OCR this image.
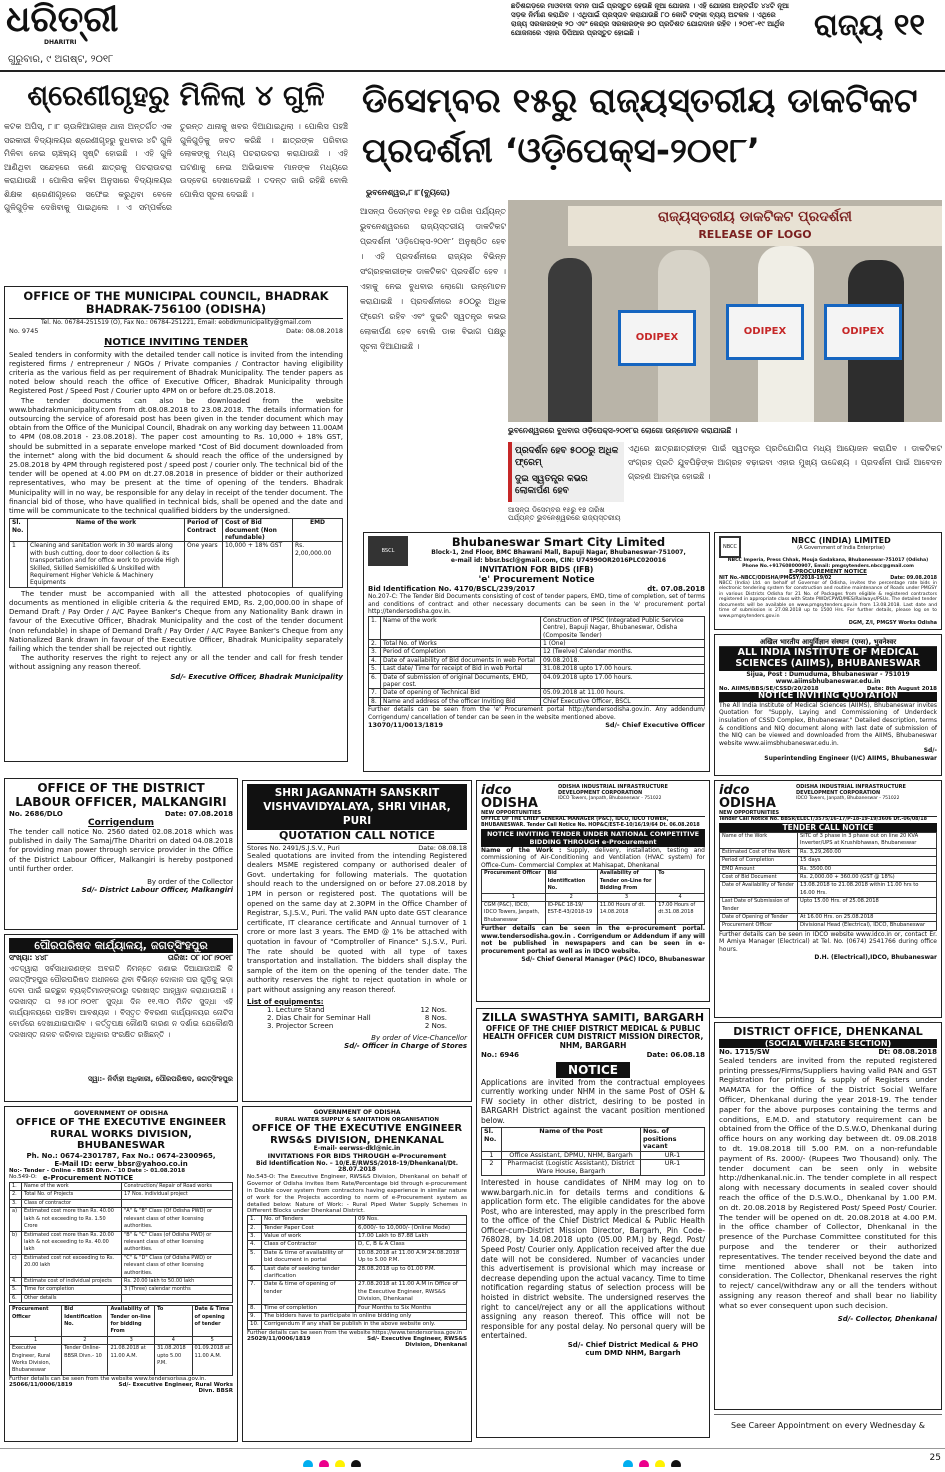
ଧରିତ୍ରୀ
DHARITRI
ଗୁରୁବାର, ୯ ଅଗଷ୍ଟ, ୨୦୧୮
ଛତିଶଗଡ଼ରେ ମାଓବାଦୀ ଦମନ ପାଇଁ ପ୍ରସ୍ତୁତ ହେଉଛି ନୂଆ ଯୋଜନା । ଏହି ଯୋଜନା ଅନ୍ତର୍ଗତ ୪୪ଟି ନୂଆ ସଡ଼କ ନିର୍ମାଣ କରାଯିବ । ଏଥିପାଇଁ ପ୍ରସ୍ତାବ କରାଯାଉଛି ୮୦ କୋଟି ଟଙ୍କା ବ୍ୟୟ ଅଟକଳ । ଏଥିରେ ରାଜ୍ୟ ସରକାରଙ୍କ ୨୦ ଏବଂ କେନ୍ଦ୍ର ସରକାରଙ୍କ ୭୦ ପ୍ରତିଶତ ଯୋଗଦାନ ରହିବ । ୨୦୧୮-୧୯ ଆର୍ଥିକ ଯୋଜନାରେ ଏହାର ଡିପିଆର ପ୍ରସ୍ତୁତ ହୋଇଛି ।	ରାଜ୍ୟ ୧୧
ଶ୍ରେଣୀଗୃହରୁ ମିଳିଲା ୪ ଗୁଳି
କଟକ ଅପିସ୍, ୮।୮ ଚାଉଳିଆଗଞ୍ଜ ଥାନା ଅନ୍ତର୍ଗତ ଏକ ସରକାରୀ ବିଦ୍ୟାଳୟର ଶ୍ରେଣୀଗୃହରୁ ବୁଧବାର ୪ଟି ଗୁଳି ମିଳିବା ନେଇ ଚାଞ୍ଚଲ୍ୟ ସୃଷ୍ଟି ହୋଇଛି । ଏହି ଗୁଳି ଆଣିଥିବା ସନ୍ଦେହରେ ଜଣେ ଛାତ୍ରକୁ ପଚରାଉଚରା କରାଯାଉଛି । ପୋଲିସ କହିବା ଅନୁସାରେ ବିଦ୍ୟାଳୟର ଶିକ୍ଷକ ଶ୍ରେଣୀଗୃହରେ ସଫେଇ କରୁଥିବା ବେଳେ ଗୁଳିଗୁଡ଼ିକ ଦେଖିବାକୁ ପାଇଥିଲେ । ଏ ସମ୍ପର୍କରେ ତୁରନ୍ତ ଥାନାକୁ ଖବର ଦିଆଯାଇଥିଲା । ପୋଲିସ ପହଞ୍ଚି ଗୁଳିଗୁଡ଼ିକୁ ଜବତ କରିଛି । ଛାତ୍ରଙ୍କ ପରିବାର ଲୋକଙ୍କୁ ମଧ୍ୟ ପଚରାଉଚରା କରାଯାଉଛି । ଏହି ଘଟଣାକୁ ନେଇ ଅଭିଭାବକ ମାନଙ୍କ ମଧ୍ୟରେ ଉଦ୍‌ବେଗ ଦେଖାଦେଇଛି । ତଦନ୍ତ ଜାରି ରହିଛି ବୋଲି ପୋଲିସ ସୂଚନା ଦେଇଛି ।
ଡିସେମ୍ବର ୧୫ରୁ ରାଜ୍ୟସ୍ତରୀୟ ଡାକଟିକଟ ପ୍ରଦର୍ଶନୀ ‘ଓଡ଼ିପେକ୍ସ-୨୦୧୮’
ଭୁବନେଶ୍ୱର,୮।୮(ବ୍ୟୁରୋ)
ଆସନ୍ତା ଡିସେମ୍ବର ୧୫ରୁ ୧୭ ତାରିଖ ପର୍ଯ୍ୟନ୍ତ ଭୁବନେଶ୍ୱରରେ ରାଜ୍ୟସ୍ତରୀୟ ଡାକଟିକଟ ପ୍ରଦର୍ଶନୀ ‘ଓଡ଼ିପେକ୍ସ-୨୦୧୮’ ଅନୁଷ୍ଠିତ ହେବ । ଏହି ପ୍ରଦର୍ଶନୀରେ ରାଜ୍ୟର ବିଭିନ୍ନ ସଂଗ୍ରହକାରୀଙ୍କ ଡାକଟିକଟ ପ୍ରଦର୍ଶିତ ହେବ । ଏହାକୁ ନେଇ ବୁଧବାର ଲୋଗୋ ଉନ୍ମୋଚନ କରାଯାଇଛି । ପ୍ରଦର୍ଶନୀରେ ୫୦୦ରୁ ଅଧିକ ଫ୍ରେମ ରହିବ ଏବଂ ଦୁଇଟି ସ୍ୱତନ୍ତ୍ର କଭର ଲୋକାର୍ପଣ ହେବ ବୋଲି ଡାକ ବିଭାଗ ପକ୍ଷରୁ ସୂଚନା ଦିଆଯାଇଛି ।
ରାଜ୍ୟସ୍ତରୀୟ ଡାକଟିକଟ ପ୍ରଦର୍ଶନୀ
RELEASE OF LOGO
ODIPEX
ODIPEX	ODIPEX
ଭୁବନେଶ୍ୱରରେ ବୁଧବାର ଓଡ଼ିପେକ୍ସ-୨୦୧୮ର ଲୋଗୋ ଉନ୍ମୋଚନ କରାଯାଇଛି ।
ପ୍ରଦର୍ଶନ ହେବ ୫୦୦ରୁ ଅଧିକ ଫ୍ରେମ୍
ଦୁଇ ସ୍ୱତନ୍ତ୍ର କଭର ଲୋକାର୍ପଣ ହେବ
ଏଥିରେ ଛାତ୍ରଛାତ୍ରୀଙ୍କ ପାଇଁ ସ୍ୱତନ୍ତ୍ର ପ୍ରତିଯୋଗିତା ମଧ୍ୟ ଆୟୋଜନ କରାଯିବ । ଡାକଟିକଟ ସଂଗ୍ରହ ପ୍ରତି ଯୁବପିଢ଼ିଙ୍କ ଆଗ୍ରହ ବଢ଼ାଇବା ଏହାର ମୁଖ୍ୟ ଉଦ୍ଦେଶ୍ୟ । ପ୍ରଦର୍ଶନୀ ପାଇଁ ଆବେଦନ ଗ୍ରହଣ ଆରମ୍ଭ ହୋଇଛି ।
ଆସନ୍ତା ଡିସେମ୍ବର ୧୫ରୁ ୧୭ ତାରିଖ ପର୍ଯ୍ୟନ୍ତ ଭୁବନେଶ୍ୱରରେ ରାଜ୍ୟସ୍ତରୀୟ
OFFICE OF THE MUNICIPAL COUNCIL, BHADRAK BHADRAK-756100 (ODISHA)
Tel. No. 06784-251519 (O), Fax No.: 06784-251221, Email: eobdkmunicipality@gmail.com
No. 9745	Date: 08.08.2018
NOTICE INVITING TENDER
Sealed tenders in conformity with the detailed tender call notice is invited from the intending registered firms / entrepreneur / NGOs / Private companies / Contractor having eligibility criteria as the various field as per requirement of Bhadrak Municipality. The tender papers as noted below should reach the office of Executive Officer, Bhadrak Municipality through Registered Post / Speed Post / Courier upto 4PM on or before dt.25.08.2018.
The tender documents can also be downloaded from the website www.bhadrakmunicipality.com from dt.08.08.2018 to 23.08.2018. The details information for outsourcing the service of aforesaid post has been given in the tender document which may obtain from the Office of the Municipal Council, Bhadrak on any working day between 11.00AM to 4PM (08.08.2018 - 23.08.2018). The paper cost amounting to Rs. 10,000 + 18% GST, should be submitted in a separate envelope marked "Cost of Bid document downloaded from the internet" along with the bid document & should reach the office of the undersigned by 25.08.2018 by 4PM through registered post / speed post / courier only. The technical bid of the tender will be opened at 4.00 PM on dt.27.08.2018 in presence of bidder or their authorized representatives, who may be present at the time of opening of the tenders. Bhadrak Municipality will in no way, be responsible for any delay in receipt of the tender document. The financial bid of those, who have qualified in technical bids, shall be opened and the date and time will be communicate to the technical qualified bidders by the undersigned.
Sl. No.	Name of the work	Period of Contract	Cost of Bid document (Non refundable)	EMD
1	Cleaning and sanitation work in 30 wards along with bush cutting, door to door collection & its transportation and for office work to provide High Skilled, Skilled Semiskilled & Unskilled with Requirement Higher Vehicle & Machinery Equipments	One years	10,000 + 18% GST	Rs. 2,00,000.00
The tender must be accompanied with all the attested photocopies of qualifying documents as mentioned in eligible criteria & the required EMD, Rs. 2,00,000.00 in shape of Demand Draft / Pay Order / A/C Payee Banker's Cheque from any Nationality Bank drawn in favour of the Executive Officer, Bhadrak Municipality and the cost of the tender document (non refundable) in shape of Demand Draft / Pay Order / A/C Payee Banker's Cheque from any Nationalized Bank drawn in favour of the Executive Officer, Bhadrak Municipality separately failing which the tender shall be rejected out rightly.
The authority reserves the right to reject any or all the tender and call for fresh tender without assigning any reason thereof.
Sd/- Executive Officer, Bhadrak Municipality
BSCL
Bhubaneswar Smart City Limited
Block-1, 2nd Floor, BMC Bhawani Mall, Bapuji Nagar, Bhubaneswar-751007,
e-mail id: bbsr.bscl@gmail.com, CIN: U74990OR2016PLC020016
INVITATION FOR BIDS (IFB)
'e' Procurement Notice
Bid Identification No. 4170/BSCL/239/2017	dt. 07.08.2018
No.207-C: The Tender Bid Documents consisting of cost of tender papers, EMD, time of completion, set of terms and conditions of contract and other necessary documents can be seen in the 'e' procurement portal http://tendersodisha.gov.in.
1.	Name of the work	Construction of IPSC (Integrated Public Service Centre), Bapuji Nagar, Bhubaneswar, Odisha (Composite Tender)
2.	Total No. of Works	1 (One)
3.	Period of Completion	12 (Twelve) Calendar months.
4.	Date of availability of Bid documents in web Portal	09.08.2018.
5.	Last date/ Time for receipt of Bid in web Portal	31.08.2018 upto 17.00 hours.
6.	Date of submission of original Documents, EMD, paper cost.	04.09.2018 upto 17.00 hours.
7.	Date of opening of Technical Bid	05.09.2018 at 11.00 hours.
8.	Name and address of the officer Inviting Bid	Chief Executive Officer, BSCL
Further details can be seen from the 'e' Procurement portal http://tendersodisha.gov.in. Any addendum/ Corrigendum/ cancellation of tender can be seen in the website mentioned above.
13070/11/0013/1819	Sd/- Chief Executive Officer
NBCC
NBCC (INDIA) LIMITED
(A Government of India Enterprise)
NBCC Imperia, Press Chhak, Mouja Gadakana, Bhubaneswar-751017 (Odisha) Phone No.+917608000907, Email: pmgsytenders.nbcc@gmail.com
E-PROCUREMENT NOTICE
NIT No.-NBCC/ODISHA/PMGSY/2018-19/02	Date: 09.08.2018
NBCC (India) Ltd. on behalf of Governor of Odisha, invites the percentage rate bids in electronic tendering system for construction and routine maintenance of Roads under PMGSY in various Districts Odisha for 21 No. of Packages from eligible & registered contractors registered in appropriate class with State PWD/CPWD/MES/Railways/PSUs. The detailed tender documents will be available on www.pmgsytenders.gov.in from 13.08.2018. Last date and time of submission is 27.08.2018 up to 1500 Hrs. For further details, please log on to www.pmgsytenders.gov.in
DGM, Z/I, PMGSY Works Odisha
अखिल भारतीय आयुर्विज्ञान संस्थान (एम्स), भुवनेश्वर
ALL INDIA INSTITUTE OF MEDICAL SCIENCES (AIIMS), BHUBANESWAR
Sijua, Post : Dumuduma, Bhubaneswar - 751019
www.aiimsbhubaneswar.edu.in
No. AIIMS/BBS/SE/CSSD/20/2018	Date: 8th August 2018
NOTICE INVITING QUOTATION
The All India Institute of Medical Sciences (AIIMS), Bhubaneswar invites Quotation for "Supply, Laying and Commissioning of Underdeck insulation of CSSD Complex, Bhubaneswar." Detailed description, terms & conditions and NIQ document along with last date of submission of the NIQ can be viewed and downloaded from the AIIMS, Bhubaneswar website www.aiimsbhubaneswar.edu.in.
Sd/-
Superintending Engineer (I/C) AIIMS, Bhubaneswar
OFFICE OF THE DISTRICT LABOUR OFFICER, MALKANGIRI
No. 2686/DLO	Date: 07.08.2018
Corrigendum
The tender call notice No. 2560 dated 02.08.2018 which was published in daily The Samaj/The Dharitri on dated 04.08.2018 for providing man power through service provider in the Office of the District Labour Officer, Malkangiri is hereby postponed until further order.
By order of the Collector
Sd/- District Labour Officer, Malkangiri
SHRI JAGANNATH SANSKRIT VISHVAVIDYALAYA, SHRI VIHAR, PURI
QUOTATION CALL NOTICE
Stores No. 2491/S.J.S.V., Puri	Date: 08.08.18
Sealed quotations are invited from the intending Registered dealers MSME registered company or authorised dealer of Govt. undertaking for following materials. The quotation should reach to the undersigned on or before 27.08.2018 by 1PM in person or registered post. The quotations will be opened on the same day at 2.30PM in the Office Chamber of Registrar, S.J.S.V., Puri. The valid PAN upto date GST clearance certificate, IT clearance certificate and Annual turnover of 1 crore or more last 3 years. The EMD @ 1% be attached with quotation in favour of "Comptroller of Finance" S.J.S.V., Puri. The rate should be quoted with all type of taxes transportation and installation. The bidders shall display the sample of the item on the opening of the tender date. The authority reserves the right to reject quotation in whole or part without assigning any reason thereof.
List of equipments:
1. Lecture Stand	12 Nos.
2. Dias Chair for Seminar Hall	8 Nos.
3. Projector Screen	2 Nos.
By order of Vice-Chancellor
Sd/- Officer in Charge of Stores
ପୌରପରିଷଦ କାର୍ଯ୍ୟାଳୟ, ଜଗତ୍‌ସିଂହପୁର
ସଂଖ୍ୟା: ୪୪୮	ତାରିଖ: ୦୮।୦୮।୨୦୧୮
ଏତଦ୍ୱାରା ସର୍ବସାଧାରଣଙ୍କ ଅବଗତି ନିମନ୍ତେ ଜଣାଇ ଦିଆଯାଉଅଛି କି ଜଗତ୍‌ସିଂହପୁର ପୌରପରିଷଦ ଅଧୀନରେ ଥିବା ବିଭିନ୍ନ ଦୋକାନ ଘର ଗୁଡ଼ିକୁ ଭଡ଼ା ଦେବା ପାଇଁ ଇଚ୍ଛୁକ ବ୍ୟକ୍ତିମାନଙ୍କଠାରୁ ଦରଖାସ୍ତ ଆହ୍ୱାନ କରାଯାଉଅଛି । ଦରଖାସ୍ତ ତା ୨୫।୦୮।୨୦୧୮ ସୁଦ୍ଧା ଦିନ ୧୧.୩୦ ମିନିଟ ସୁଦ୍ଧା ଏହି କାର୍ଯ୍ୟାଳୟରେ ପହଞ୍ଚିବା ଆବଶ୍ୟକ । ବିସ୍ତୃତ ବିବରଣୀ କାର୍ଯ୍ୟାଳୟର ନୋଟିସ ବୋର୍ଡରେ ଦେଖାଯାଇପାରିବ । କର୍ତ୍ତୃପକ୍ଷ କୌଣସି କାରଣ ନ ଦର୍ଶାଇ ଯେକୌଣସି ଦରଖାସ୍ତ ନାକଚ କରିବାର ଅଧିକାର ସଂରକ୍ଷିତ ରଖିଛନ୍ତି ।
ସ୍ୱା:- ନିର୍ବାହୀ ଅଧିକାରୀ, ପୌରପରିଷଦ, ଜଗତ୍‌ସିଂହପୁର
idco ODISHA
NEW OPPORTUNITIES
ODISHA INDUSTRIAL INFRASTRUCTURE DEVELOPMENT CORPORATION
IDCO Towers, Janpath, Bhubaneswar - 751022
OFFICE OF THE CHIEF GENERAL MANAGER (P&C), IDCO, IDCO TOWER, BHUBANESWAR. Tender Call Notice No. HOP&C/EST-E-10/16/19/64 Dt. 06.08.2018
NOTICE INVITING TENDER UNDER NATIONAL COMPETITIVE BIDDING THROUGH e-Procurement
Name of the Work : Supply, delivery, installation, testing and commissioning of Air-Conditioning and Ventilation (HVAC system) for Office-Cum- Commercial Complex at Mahisapat, Dhenkanal
Procurement Officer	Bid Identification No.	Availability of Tender on-Line for Bidding From	To
1	2	3	4
CGM (P&C), IDCO, IDCO Towers, Janpath, Bhubaneswar	ID-P&C 18-19/ EST-E-43/2018-19	11.00 Hours of dt. 14.08.2018	17.00 Hours of dt.31.08.2018
Further details can be seen in the e-procurement portal. www.tendersodisha.gov.in . Corrigendum or Addendum if any will not be published in newspapers and can be seen in e-procurement portal as well as in IDCO website.
Sd/- Chief General Manager (P&C) IDCO, Bhubaneswar
idco ODISHA
NEW OPPORTUNITIES
ODISHA INDUSTRIAL INFRASTRUCTURE DEVELOPMENT CORPORATION
IDCO Towers, Janpath, Bhubaneswar - 751022
Tender Call Notice No. BBSR/ELECT/3575/16-17/P-18-19-19/3606 Dt.-06/08/18
TENDER CALL NOTICE
Name of the Work	SITC of 3 phase in 3 phase out on line 20 KVA Inverter/UPS at Krushibhawan, Bhubaneswar
Estimated Cost of the Work	Rs. 3,29,260.00
Period of Completion	15 days
EMD Amount	Rs. 3500.00
Cost of Bid Document	Rs. 2,000.00 + 360.00 (GST @ 18%)
Date of Availability of Tender	13.08.2018 to 21.08.2018 within 11.00 hrs to 16.00 Hrs.
Last Date of Submission of Tender	Upto 15.00 Hrs. of 25.08.2018
Date of Opening of Tender	At 16.00 Hrs. on 25.08.2018
Procurement Officer	Divisional Head (Electrical), IDCO, Bhubaneswar
Further details can be seen in IDCO website www.idco.in or, contact Er. M Amiya Manager (Electrical) at Tel. No. (0674) 2541766 during office hours.
D.H. (Electrical),IDCO, Bhubaneswar
ZILLA SWASTHYA SAMITI, BARGARH
OFFICE OF THE CHIEF DISTRICT MEDICAL & PUBLIC HEALTH OFFICER CUM DISTRICT MISSION DIRECTOR, NHM, BARGARH
No.: 6946	Date: 06.08.18
NOTICE
Applications are invited from the contractual employees currently working under NHM in the same Post of OSH & FW society in other district, desiring to be posted in BARGARH District against the vacant position mentioned below.
Sl. No.	Name of the Post	Nos. of positions vacant
1	Office Assistant, DPMU, NHM, Bargarh	UR-1
2	Pharmacist (Logistic Assistant), District Ware House, Bargarh	UR-1
Interested in house candidates of NHM may log on to www.bargarh.nic.in for details terms and conditions & application form etc. The eligible candidates for the above Post, who are interested, may apply in the prescribed form to the office of the Chief District Medical & Public Health Officer-cum-District Mission Director, Bargarh, Pin Code-768028, by 14.08.2018 upto (05.00 P.M.) by Regd. Post/ Speed Post/ Courier only. Application received after the due date will not be considered. Number of vacancies under this advertisement is provisional which may increase or decrease depending upon the actual vacancy. Time to time notification regarding status of selection process will be hoisted in district website. The undersigned reserves the right to cancel/reject any or all the applications without assigning any reason thereof. This office will not be responsible for any postal delay. No personal query will be entertained.
Sd/- Chief District Medical & PHO cum DMD NHM, Bargarh
DISTRICT OFFICE, DHENKANAL
(SOCIAL WELFARE SECTION)
No. 1715/SW	Dt: 08.08.2018
Sealed tenders are invited from the reputed registered printing presses/Firms/Suppliers having valid PAN and GST Registration for printing & supply of Registers under MAMATA for the Office of the District Social Welfare Officer, Dhenkanal during the year 2018-19. The tender paper for the above purposes containing the terms and conditions, E.M.D. and statutory requirement can be obtained from the Office of the D.S.W.O, Dhenkanal during office hours on any working day between dt. 09.08.2018 to dt. 19.08.2018 till 5.00 P.M. on a non-refundable payment of Rs. 2000/- (Rupees Two Thousand) only. The tender document can be seen only in website http://dhenkanal.nic.in. The tender complete in all respect along with necessary documents in sealed cover should reach the office of the D.S.W.O., Dhenkanal by 1.00 P.M. on dt. 20.08.2018 by Registered Post/ Speed Post/ Courier. The tender will be opened on dt. 20.08.2018 at 4.00 P.M. in the office chamber of Collector, Dhenkanal in the presence of the Purchase Committee constituted for this purpose and the tenderer or their authorized representatives. The tender received beyond the date and time mentioned above shall not be taken into consideration. The Collector, Dhenkanal reserves the right to reject/ cancel/withdraw any or all the tenders without assigning any reason thereof and shall bear no liability what so ever consequent upon such decision.
Sd/- Collector, Dhenkanal
See Career Appointment on every Wednesday &
GOVERNMENT OF ODISHA
OFFICE OF THE EXECUTIVE ENGINEER RURAL WORKS DIVISION, BHUBANESWAR
Ph. No.: 0674-2301787, Fax No.: 0674-2300965,
E-Mail ID: eerw_bbsr@yahoo.co.in
No:- Tender - Online - BBSR Divn. - 10 Date :- 01.08.2018
No.549-O: e-Procurement NOTICE
1.	Name of the work	Construction/ Repair of Road works
2.	Total No. of Projects	17 Nos. individual project
3.	Class of contractor	
a)	Estimated cost more than Rs. 40.00 lakh & not exceeding to Rs. 1.50 Crore	"A" & "B" Class (Of Odisha PWD) or relevant class of other licensing authorities.
b)	Estimated cost more than Rs. 20.00 lakh & not exceeding to Rs. 40.00 lakh	"B" & "C" Class (of Odisha PWD) or relevant class of other licensing authorities.
c)	Estimated cost not exceeding to Rs. 20.00 lakh	"C" & "D" Class (of Odisha PWD) or relevant class of other licensing authorities.
4.	Estimate cost of individual projects	Rs. 20.00 lakh to 50.00 lakh
5.	Time for completion	3 (Three) calendar months
6.	Other details	
Procurement Officer	Bid Identification No.	Availability of Tender on-line for bidding From	To	Date & Time of opening of tender
1	2	3	4	5
Executive Engineer, Rural Works Division, Bhubaneswar	Tender Online-BBSR Divn.- 10	21.08.2018 at 11.00 A.M.	31.08.2018 upto 5.00 P.M.	01.09.2018 at 11.00 A.M.
Further details can be seen from the website www.tendersorissa.gov.in.
25066/11/0006/1819	Sd/- Executive Engineer, Rural Works Divn. BBSR
GOVERNMENT OF ODISHA
RURAL WATER SUPPLY & SANITATION ORGANISATION
OFFICE OF THE EXECUTIVE ENGINEER RWS&S DIVISION, DHENKANAL
E-mail- eerwss-dkl@nic.in
INVITATIONS FOR BIDS THROUGH e-Procurement
Bid Identification No. – 10/E.E/RWSS/2018-19/Dhenkanal/Dt. 28.07.2018
No.543-O: The Executive Engineer, RWS&S Division, Dhenkanal on behalf of Governor of Odisha invites Item Rate/Percentage bid through e-procurement in Double cover system from contractors having experience in similar nature of work for the Projects according to norm of e-Procurement system as detailed below: Nature of Work: - Rural Piped Water Supply Schemes in Different Blocks under Dhenkanal District.
1.	No. of Tenders	09 Nos.
2.	Tender Paper Cost	6,000/- to 10,000/- (Online Mode)
3.	Value of work	17.00 Lakh to 87.88 Lakh
4.	Class of Contractor	D, C, B & A Class
5.	Date & time of availability of bid document in portal	10.08.2018 at 11.00 A.M 24.08.2018 Up to 5.00 P.M.
6.	Last date of seeking tender clarification	28.08.2018 up to 01.00 P.M.
7.	Date & time of opening of tender	27.08.2018 at 11.00 A.M in Office of the Executive Engineer, RWS&S Division, Dhenkanal
8.	Time of completion	Four Months to Six Months
9.	The bidders have to participate in online bidding only	
10.	Corrigendum if any shall be publish in the above website only.	
Further details can be seen from the website https://www.tendersorissa.gov.in
25029/11/0006/1819	Sd/- Executive Engineer, RWS&S Division, Dhenkanal
25
